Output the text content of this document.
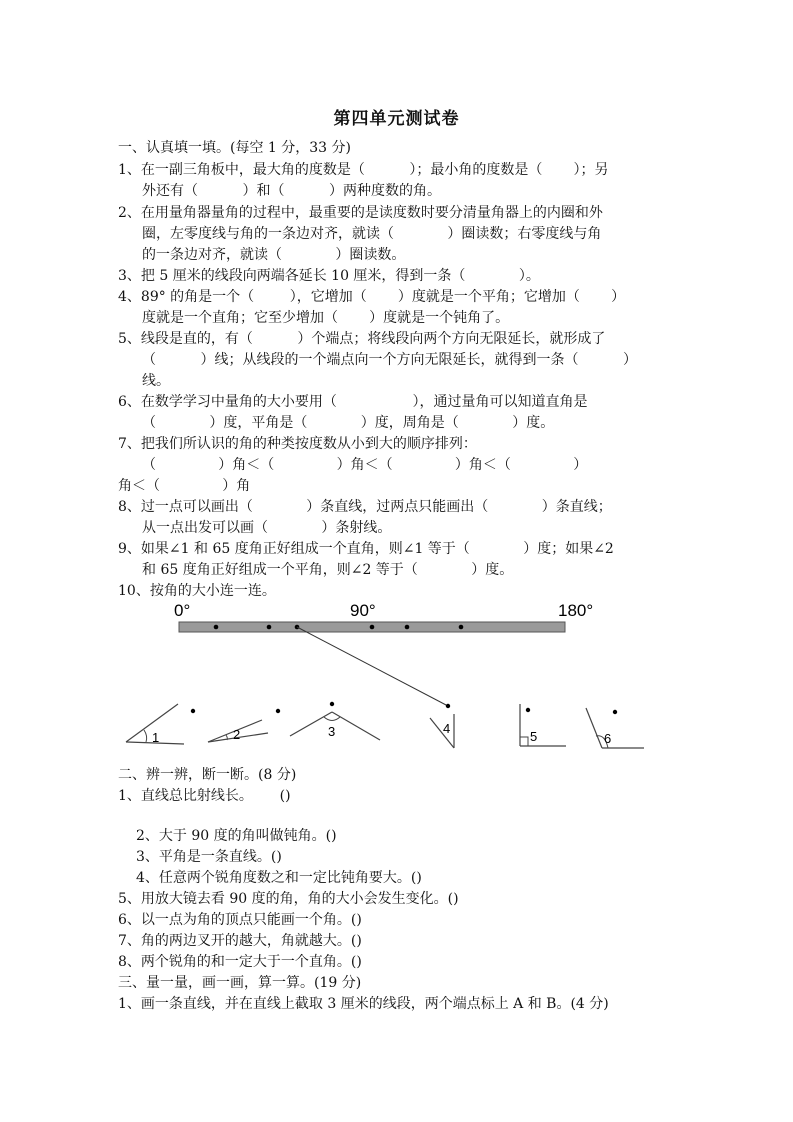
第四单元测试卷
一、认真填一填。(每空 1 分，33 分)
1、在一副三角板中，最大角的度数是（          ）；最小角的度数是（       ）；另
外还有（          ）和（          ）两种度数的角。
2、在用量角器量角的过程中，最重要的是读度数时要分清量角器上的内圈和外
圈，左零度线与角的一条边对齐，就读（            ）圈读数；右零度线与角
的一条边对齐，就读（            ）圈读数。
3、把 5 厘米的线段向两端各延长 10 厘米，得到一条（            ）。
4、89° 的角是一个（        ），它增加（       ）度就是一个平角；它增加（       ）
度就是一个直角；它至少增加（       ）度就是一个钝角了。
5、线段是直的，有（          ）个端点；将线段向两个方向无限延长，就形成了
（          ）线；从线段的一个端点向一个方向无限延长，就得到一条（          ）
线。
6、在数学学习中量角的大小要用（                 ），通过量角可以知道直角是
（            ）度，平角是（            ）度，周角是（            ）度。
7、把我们所认识的角的种类按度数从小到大的顺序排列：
（              ）角＜（              ）角＜（              ）角＜（              ）
角＜（              ）角
8、过一点可以画出（            ）条直线，过两点只能画出（            ）条直线；
从一点出发可以画（            ）条射线。
9、如果∠1 和 65 度角正好组成一个直角，则∠1 等于（            ）度；如果∠2
和 65 度角正好组成一个平角，则∠2 等于（            ）度。
10、按角的大小连一连。
0°	90°	180°
1	2	3	4
5	6
二、辨一辨，断一断。(8 分)
1、直线总比射线长。      ()
2、大于 90 度的角叫做钝角。()
3、平角是一条直线。()
4、任意两个锐角度数之和一定比钝角要大。()
5、用放大镜去看 90 度的角，角的大小会发生变化。()
6、以一点为角的顶点只能画一个角。()
7、角的两边叉开的越大，角就越大。()
8、两个锐角的和一定大于一个直角。()
三、量一量，画一画，算一算。(19 分)
1、画一条直线，并在直线上截取 3 厘米的线段，两个端点标上 A 和 B。(4 分)
